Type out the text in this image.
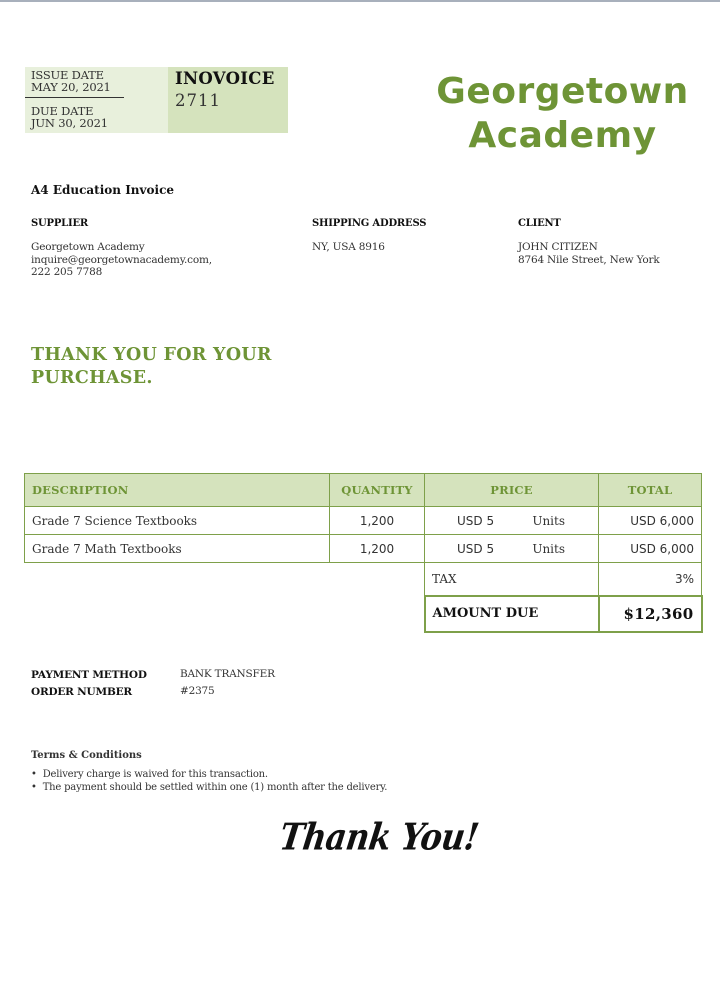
ISSUE DATE
MAY 20, 2021
DUE DATE
JUN 30, 2021
INOVOICE
2711	Georgetown
Academy
A4 Education Invoice
SUPPLIER
Georgetown Academy
inquire@georgetownacademy.com,
222 205 7788
SHIPPING ADDRESS
NY, USA 8916
CLIENT
JOHN CITIZEN
8764 Nile Street, New York
THANK YOU FOR YOUR
PURCHASE.
DESCRIPTION	QUANTITY	PRICE	TOTAL
Grade 7 Science Textbooks	1,200	USD 5 Units	USD 6,000
Grade 7 Math Textbooks	1,200	USD 5 Units	USD 6,000
		TAX	3%
		AMOUNT DUE	$12,360
PAYMENT METHOD	BANK TRANSFER
ORDER NUMBER	#2375
Terms & Conditions
• Delivery charge is waived for this transaction.
• The payment should be settled within one (1) month after the delivery.
Thank You!
